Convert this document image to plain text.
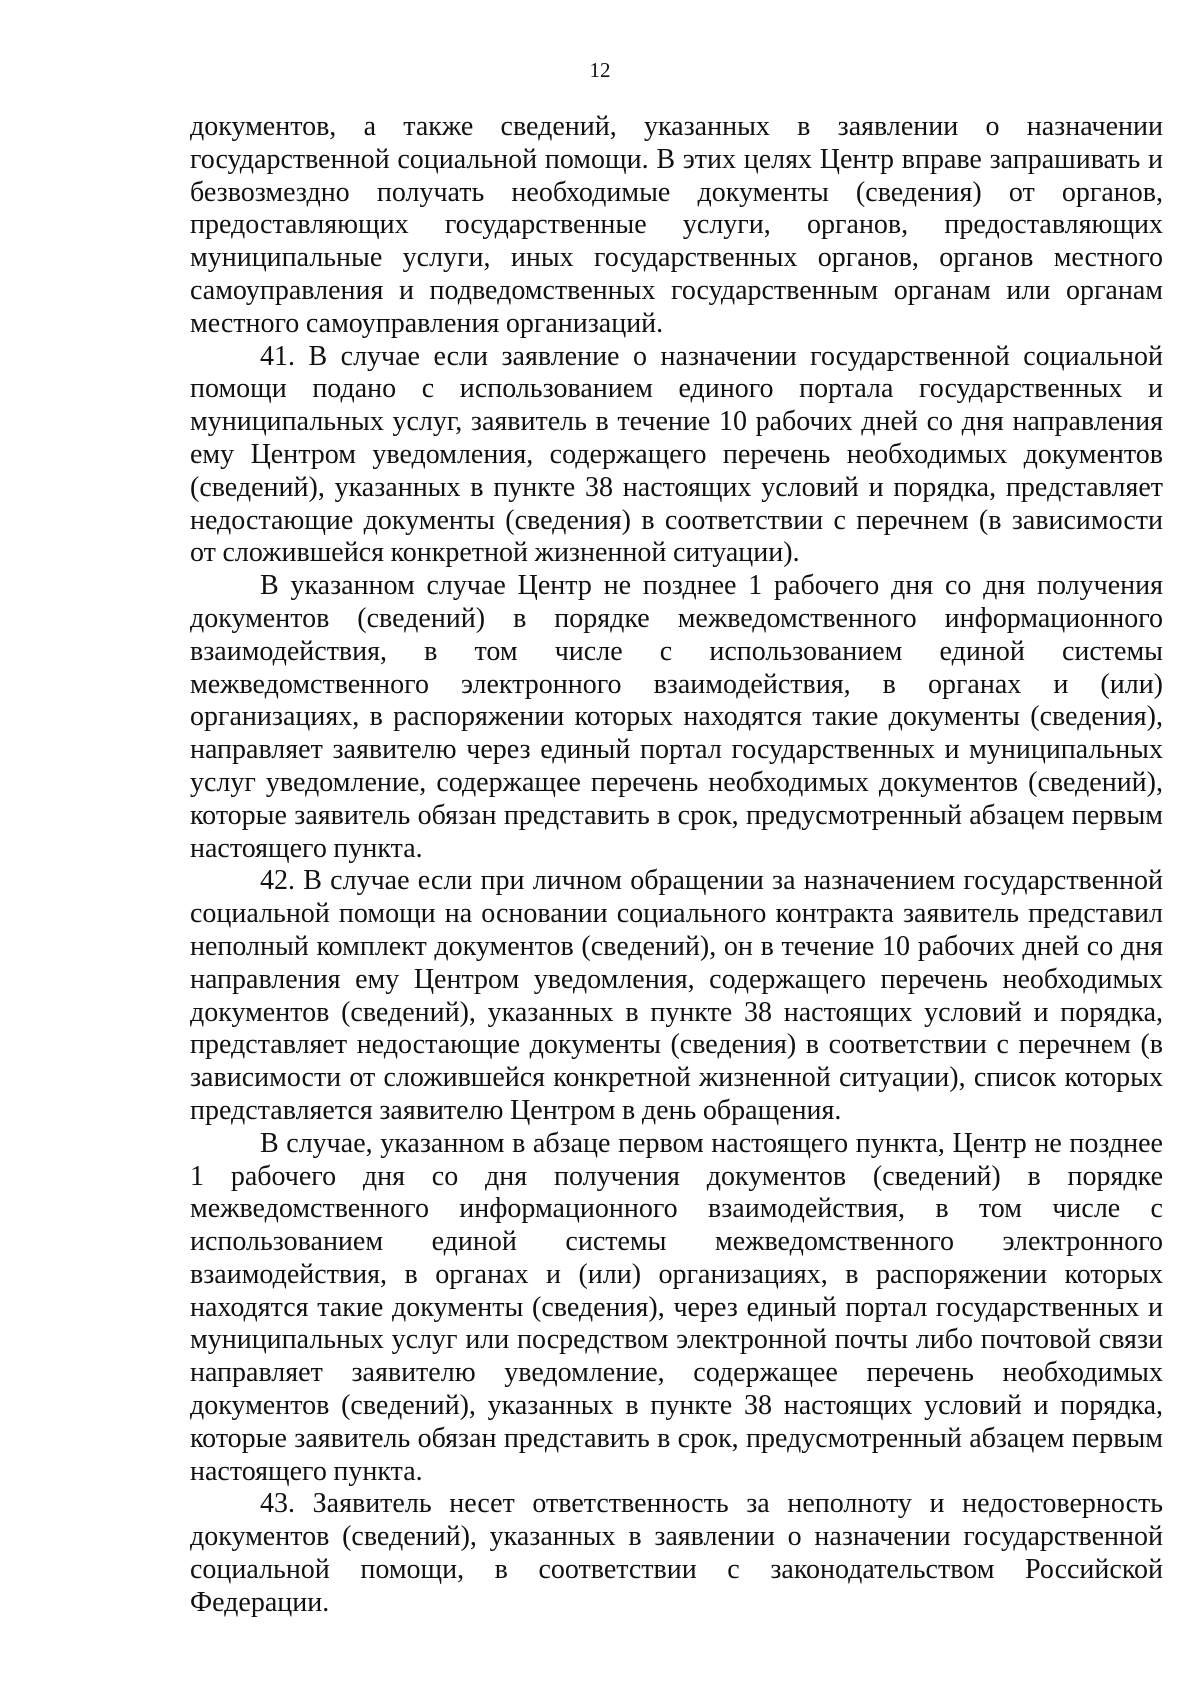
12

документов, а также сведений, указанных в заявлении о назначении государственной социальной помощи. В этих целях Центр вправе запрашивать и безвозмездно получать необходимые документы (сведения) от органов, предоставляющих государственные услуги, органов, предоставляющих муниципальные услуги, иных государственных органов, органов местного самоуправления и подведомственных государственным органам или органам местного самоуправления организаций.

41. В случае если заявление о назначении государственной социальной помощи подано с использованием единого портала государственных и муниципальных услуг, заявитель в течение 10 рабочих дней со дня направления ему Центром уведомления, содержащего перечень необходимых документов (сведений), указанных в пункте 38 настоящих условий и порядка, представляет недостающие документы (сведения) в соответствии с перечнем (в зависимости от сложившейся конкретной жизненной ситуации).

В указанном случае Центр не позднее 1 рабочего дня со дня получения документов (сведений) в порядке межведомственного информационного взаимодействия, в том числе с использованием единой системы межведомственного электронного взаимодействия, в органах и (или) организациях, в распоряжении которых находятся такие документы (сведения), направляет заявителю через единый портал государственных и муниципальных услуг уведомление, содержащее перечень необходимых документов (сведений), которые заявитель обязан представить в срок, предусмотренный абзацем первым настоящего пункта.

42. В случае если при личном обращении за назначением государственной социальной помощи на основании социального контракта заявитель представил неполный комплект документов (сведений), он в течение 10 рабочих дней со дня направления ему Центром уведомления, содержащего перечень необходимых документов (сведений), указанных в пункте 38 настоящих условий и порядка, представляет недостающие документы (сведения) в соответствии с перечнем (в зависимости от сложившейся конкретной жизненной ситуации), список которых представляется заявителю Центром в день обращения.

В случае, указанном в абзаце первом настоящего пункта, Центр не позднее 1 рабочего дня со дня получения документов (сведений) в порядке межведомственного информационного взаимодействия, в том числе с использованием единой системы межведомственного электронного взаимодействия, в органах и (или) организациях, в распоряжении которых находятся такие документы (сведения), через единый портал государственных и муниципальных услуг или посредством электронной почты либо почтовой связи направляет заявителю уведомление, содержащее перечень необходимых документов (сведений), указанных в пункте 38 настоящих условий и порядка, которые заявитель обязан представить в срок, предусмотренный абзацем первым настоящего пункта.

43. Заявитель несет ответственность за неполноту и недостоверность документов (сведений), указанных в заявлении о назначении государственной социальной помощи, в соответствии с законодательством Российской Федерации.
